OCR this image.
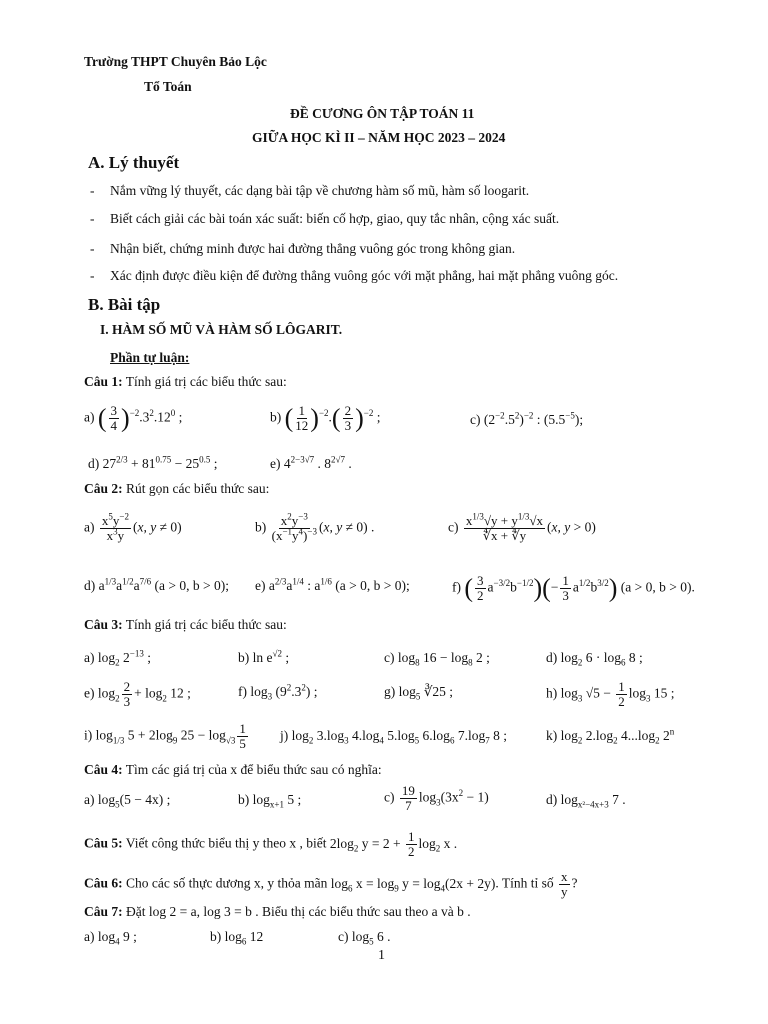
Trường THPT Chuyên Bảo Lộc
Tổ Toán
ĐỀ CƯƠNG ÔN TẬP TOÁN 11
GIỮA HỌC KÌ II – NĂM HỌC 2023 – 2024
A. Lý thuyết
- Nắm vững lý thuyết, các dạng bài tập về chương hàm số mũ, hàm số loogarit.
- Biết cách giải các bài toán xác suất: biến cố hợp, giao, quy tắc nhân, cộng xác suất.
- Nhận biết, chứng minh được hai đường thẳng vuông góc trong không gian.
- Xác định được điều kiện để đường thẳng vuông góc với mặt phẳng, hai mặt phẳng vuông góc.
B. Bài tập
I. HÀM SỐ MŨ VÀ HÀM SỐ LÔGARIT.
Phần tự luận:
Câu 1: Tính giá trị các biểu thức sau:
a) ( $\frac{3}{4} )^{-2}.3^2.12^0$ ;	b) ( $\frac{1}{12} )^{-2}.( \frac{2}{3} )^{-2}$ ;	c) $(2^{-2}.5^2)^{-2}$ : $(5.5^{-5})$;
d) $27^{2/3} + 81^{0.75} - 25^{0.5}$ ;	e) $4^{2-3√7}$ . $8^{2√7}$ .
Câu 2: Rút gọn các biểu thức sau:
$a) \frac{x^5y^{-2}}{x^3y} (x$, y ≠ 0)	$b) \frac{x^2y^{-3}}{(x^{-1}y^4)^{-3}} (x$, y ≠ 0) .	$c) \frac{x^{1/3}√y + y^{1/3}√x}{∜x + ∜y} (x$, y > 0)
d) $a^{1/3}a^{1/2}a^{7/6}$ (a > 0, b > 0); e) $a^{2/3}a^{1/4}$ : $a^{1/6}$ (a > 0, b > 0);	f) ( $\frac{3}{2} a^{-3/2}b^{-1/2})(- \frac{1}{3} a^{1/2}b^{3/2})$ (a > 0, b > 0).
Câu 3: Tính giá trị các biểu thức sau:
a) $\log_2 2^{-13}$ ;	b) $\ln e^{√2}$ ;	c) $\log_8 16 - \log_8 2$ ;	d) $\log_2 6 \cdot \log_6 8$ ;
e) $\log_2 \frac{2}{3} + \log_2 12$ ;	f) $\log_3 (9^2.3^2)$ ;	g) $\log_5$ ∛25 ;	h) $\log_3 √5 - \frac{1}{2} \log_3 15$ ;
i) $\log_{1/3} 5 + 2\log_9$ $25 - \log_{√3} \frac{1}{5} j$) $\log_2 3.\log_3$ $4.\log_4$ $5.\log_5$ $6.\log_6$ $7.\log_7$ 8 ;	k) $\log_2 2.\log_2$ $4...\log_2$ 2$^n$
Câu 4: Tìm các giá trị của x để biểu thức sau có nghĩa:
a) $\log_5(5 - 4x)$ ;	b) $\log_{x+1} 5$ ;	$c) \frac{19}{7} \log_3(3x^2 - 1)$	d) $\log_{x^2-4x+3} 7$ .
Câu 5: Viết công thức biểu thị y theo x , biết $2\log_2$ $y = 2 + \frac{1}{2} \log_2 x$ .
Câu 6: Cho các số thực dương x, y thỏa mãn $\log_6 x = \log_9 y = \log_4(2x + 2y)$. Tính tỉ số $\frac{x}{y}$ ?
Câu 7: Đặt log 2 = a, log 3 = b . Biểu thị các biểu thức sau theo a và b .
a) $\log_4 9$ ;	b) $\log_6 12$	c) $\log_5 6$ .
1
